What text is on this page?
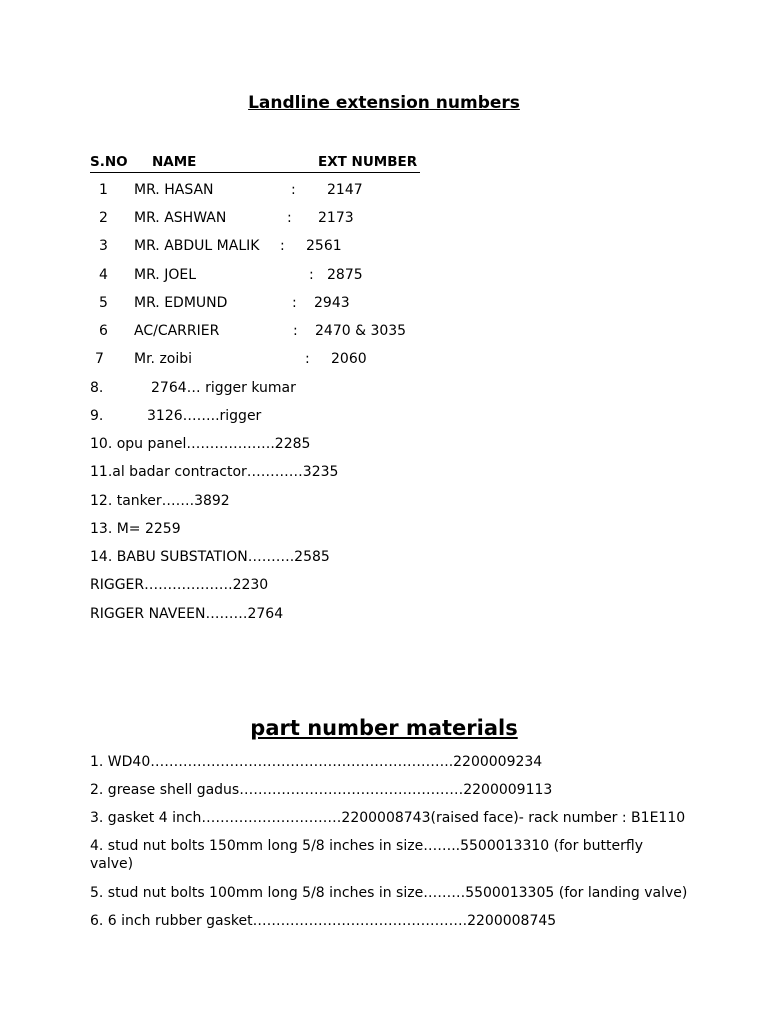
Landline extension numbers
S.NO NAME	EXT NUMBER
1 MR. HASAN	: 2147
2 MR. ASHWAN	: 2173
3 MR. ABDUL MALIK : 2561
4 MR. JOEL	: 2875
5 MR. EDMUND	: 2943
6 AC/CARRIER	: 2470 & 3035
7 Mr. zoibi	: 2060
8.	2764… rigger kumar
9.	3126……..rigger
10. opu panel……………….2285
11.al badar contractor…………3235
12. tanker…….3892
13. M= 2259
14. BABU SUBSTATION……….2585
RIGGER……………….2230
RIGGER NAVEEN………2764
part number materials
1. WD40………………………………………………………..2200009234
2. grease shell gadus…………………………………………2200009113
3. gasket 4 inch…………………………2200008743(raised face)- rack number : B1E110
4. stud nut bolts 150mm long 5/8 inches in size……..5500013310 (for butterfly valve)
5. stud nut bolts 100mm long 5/8 inches in size………5500013305 (for landing valve)
6. 6 inch rubber gasket……………………………………….2200008745
